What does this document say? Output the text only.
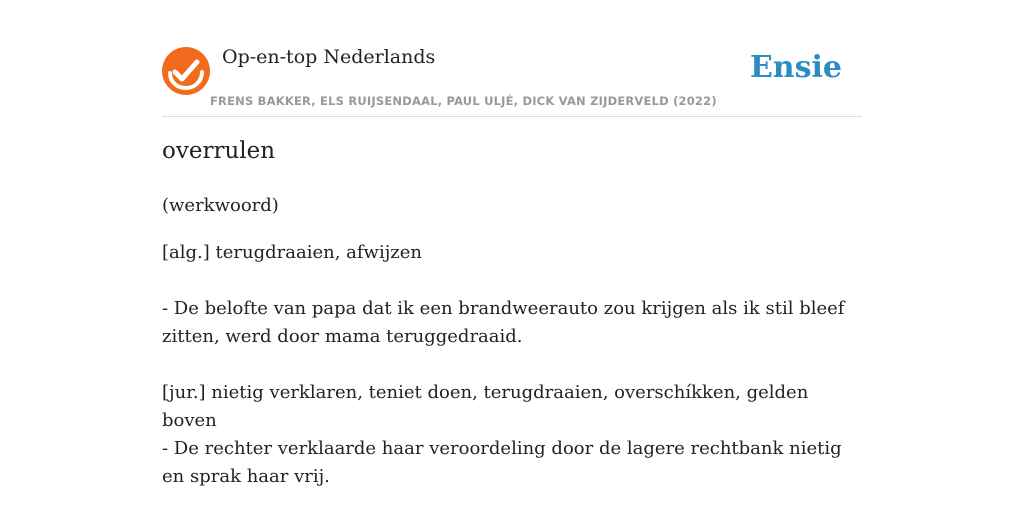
Op-en-top Nederlands
FRENS BAKKER, ELS RUIJSENDAAL, PAUL ULJÉ, DICK VAN ZIJDERVELD (2022)
Ensie
overrulen
(werkwoord)
[alg.] terugdraaien, afwijzen
- De belofte van papa dat ik een brandweerauto zou krijgen als ik stil bleef zitten, werd door mama teruggedraaid.
[jur.] nietig verklaren, teniet doen, terugdraaien, overschíkken, gelden boven
- De rechter verklaarde haar veroordeling door de lagere rechtbank nietig en sprak haar vrij.
